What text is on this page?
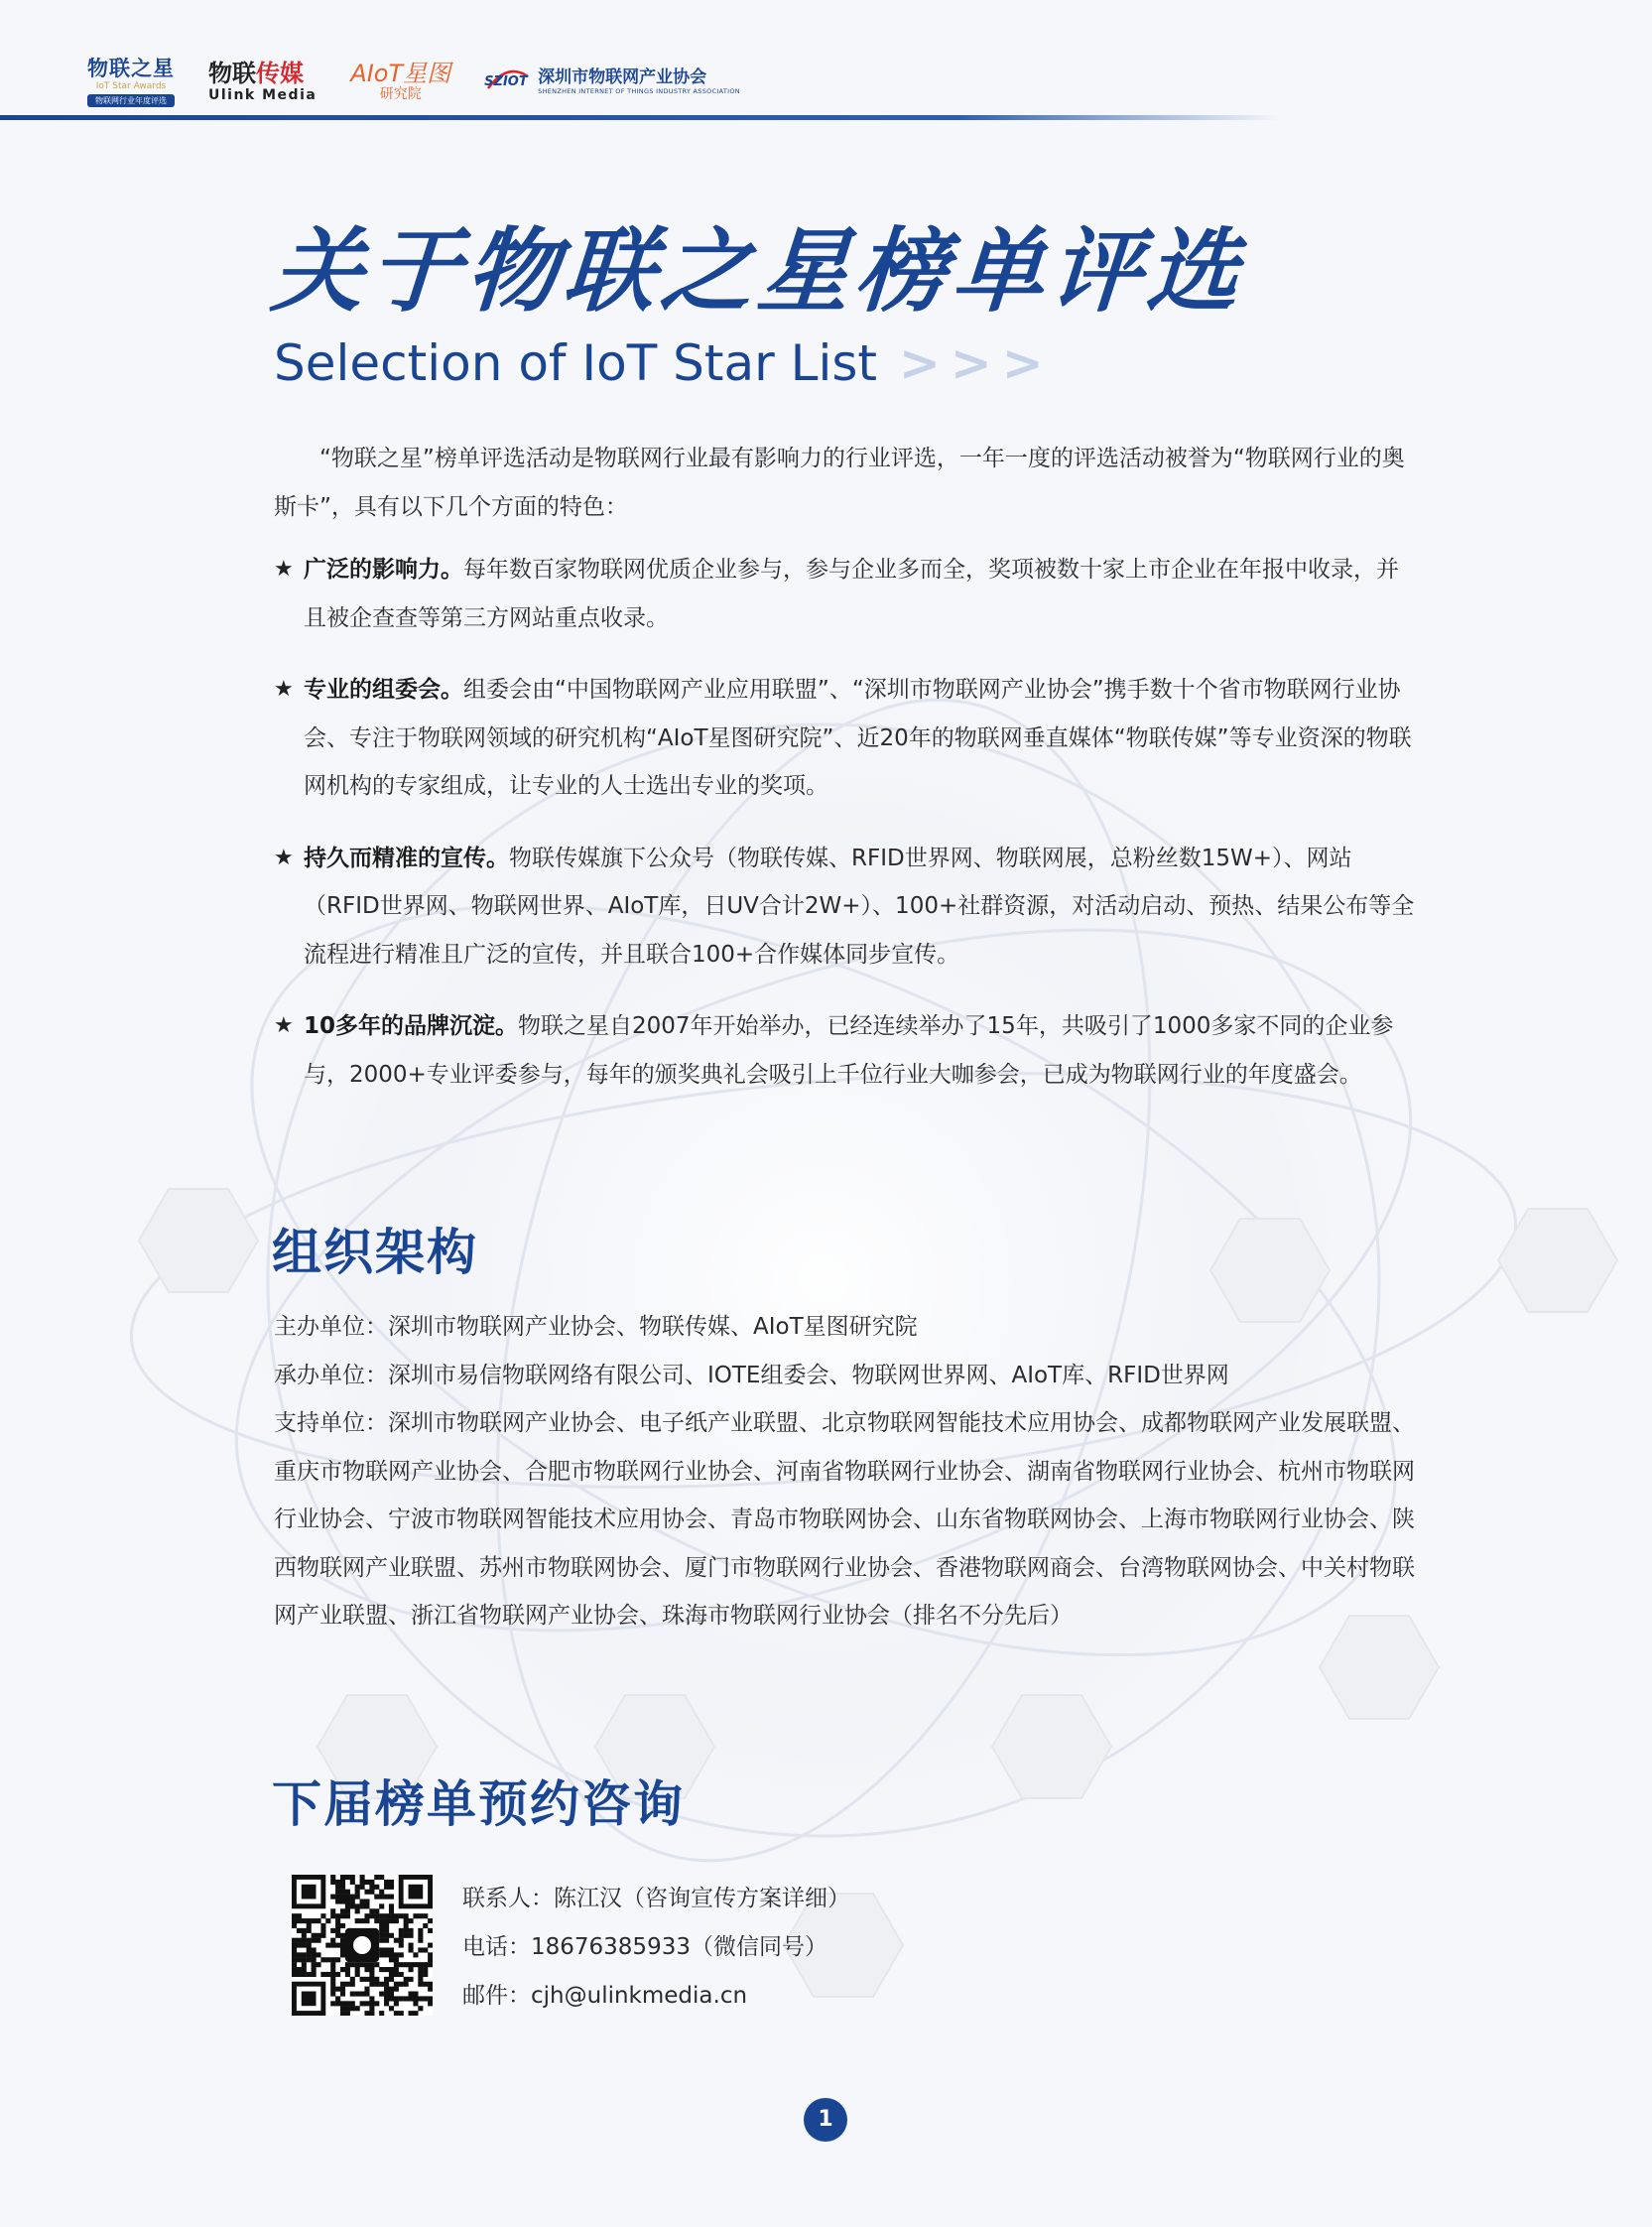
物联之星
IoT Star Awards
物联网行业年度评选
物联传媒
Ulink Media
AIoT星图
研究院
SZIOT 深圳市物联网产业协会
SHENZHEN INTERNET OF THINGS INDUSTRY ASSOCIATION
关于物联之星榜单评选
Selection of IoT Star List >>>

“物联之星”榜单评选活动是物联网行业最有影响力的行业评选，一年一度的评选活动被誉为“物联网行业的奥斯卡”，具有以下几个方面的特色：

★ 广泛的影响力。每年数百家物联网优质企业参与，参与企业多而全，奖项被数十家上市企业在年报中收录，并且被企查查等第三方网站重点收录。
★ 专业的组委会。组委会由“中国物联网产业应用联盟”、“深圳市物联网产业协会”携手数十个省市物联网行业协会、专注于物联网领域的研究机构“AIoT星图研究院”、近20年的物联网垂直媒体“物联传媒”等专业资深的物联网机构的专家组成，让专业的人士选出专业的奖项。
★ 持久而精准的宣传。物联传媒旗下公众号（物联传媒、RFID世界网、物联网展，总粉丝数15W+）、网站（RFID世界网、物联网世界、AIoT库，日UV合计2W+）、100+社群资源，对活动启动、预热、结果公布等全流程进行精准且广泛的宣传，并且联合100+合作媒体同步宣传。
★ 10多年的品牌沉淀。物联之星自2007年开始举办，已经连续举办了15年，共吸引了1000多家不同的企业参与，2000+专业评委参与，每年的颁奖典礼会吸引上千位行业大咖参会，已成为物联网行业的年度盛会。
组织架构

主办单位：深圳市物联网产业协会、物联传媒、AIoT星图研究院

承办单位：深圳市易信物联网络有限公司、IOTE组委会、物联网世界网、AIoT库、RFID世界网

支持单位：深圳市物联网产业协会、电子纸产业联盟、北京物联网智能技术应用协会、成都物联网产业发展联盟、重庆市物联网产业协会、合肥市物联网行业协会、河南省物联网行业协会、湖南省物联网行业协会、杭州市物联网行业协会、宁波市物联网智能技术应用协会、青岛市物联网协会、山东省物联网协会、上海市物联网行业协会、陕西物联网产业联盟、苏州市物联网协会、厦门市物联网行业协会、香港物联网商会、台湾物联网协会、中关村物联网产业联盟、浙江省物联网产业协会、珠海市物联网行业协会（排名不分先后）

下届榜单预约咨询

联系人：陈江汉（咨询宣传方案详细）

电话：18676385933（微信同号）

邮件：cjh@ulinkmedia.cn

1
